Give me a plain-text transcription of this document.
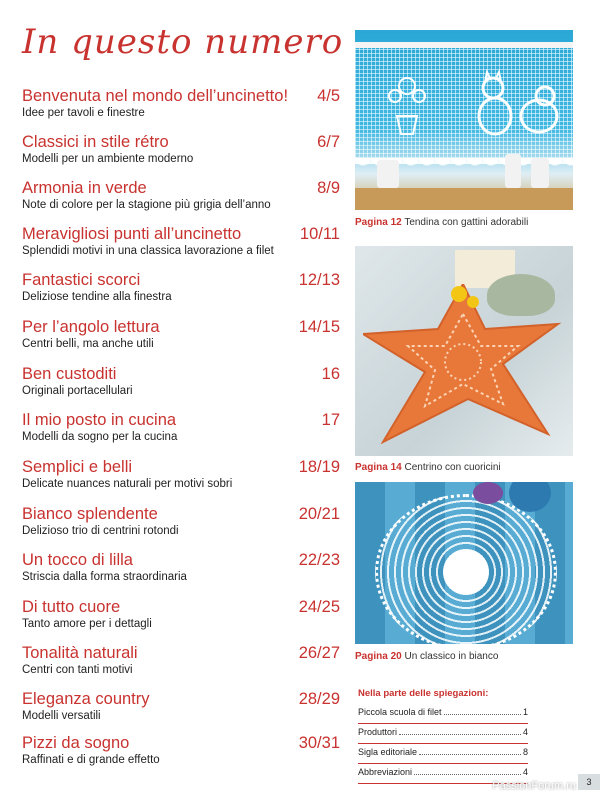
In questo numero
Benvenuta nel mondo dell’uncinetto!	4/5
Idee per tavoli e finestre
Classici in stile rétro	6/7
Modelli per un ambiente moderno
Armonia in verde	8/9
Note di colore per la stagione più grigia dell’anno
Meravigliosi punti all’uncinetto	10/11
Splendidi motivi in una classica lavorazione a filet
Fantastici scorci	12/13
Deliziose tendine alla finestra
Per l’angolo lettura	14/15
Centri belli, ma anche utili
Ben custoditi	16
Originali portacellulari
Il mio posto in cucina	17
Modelli da sogno per la cucina
Semplici e belli	18/19
Delicate nuances naturali per motivi sobri
Bianco splendente	20/21
Delizioso trio di centrini rotondi
Un tocco di lilla	22/23
Striscia dalla forma straordinaria
Di tutto cuore	24/25
Tanto amore per i dettagli
Tonalità naturali	26/27
Centri con tanti motivi
Eleganza country	28/29
Modelli versatili
Pizzi da sogno	30/31
Raffinati e di grande effetto
Pagina 12 Tendina con gattini adorabili
Pagina 14 Centrino con cuoricini
Pagina 20 Un classico in bianco
Nella parte delle spiegazioni:
Piccola scuola di filet	1
Produttori	4
Sigla editoriale	8
Abbreviazioni	4
PassionForum.ru	3
